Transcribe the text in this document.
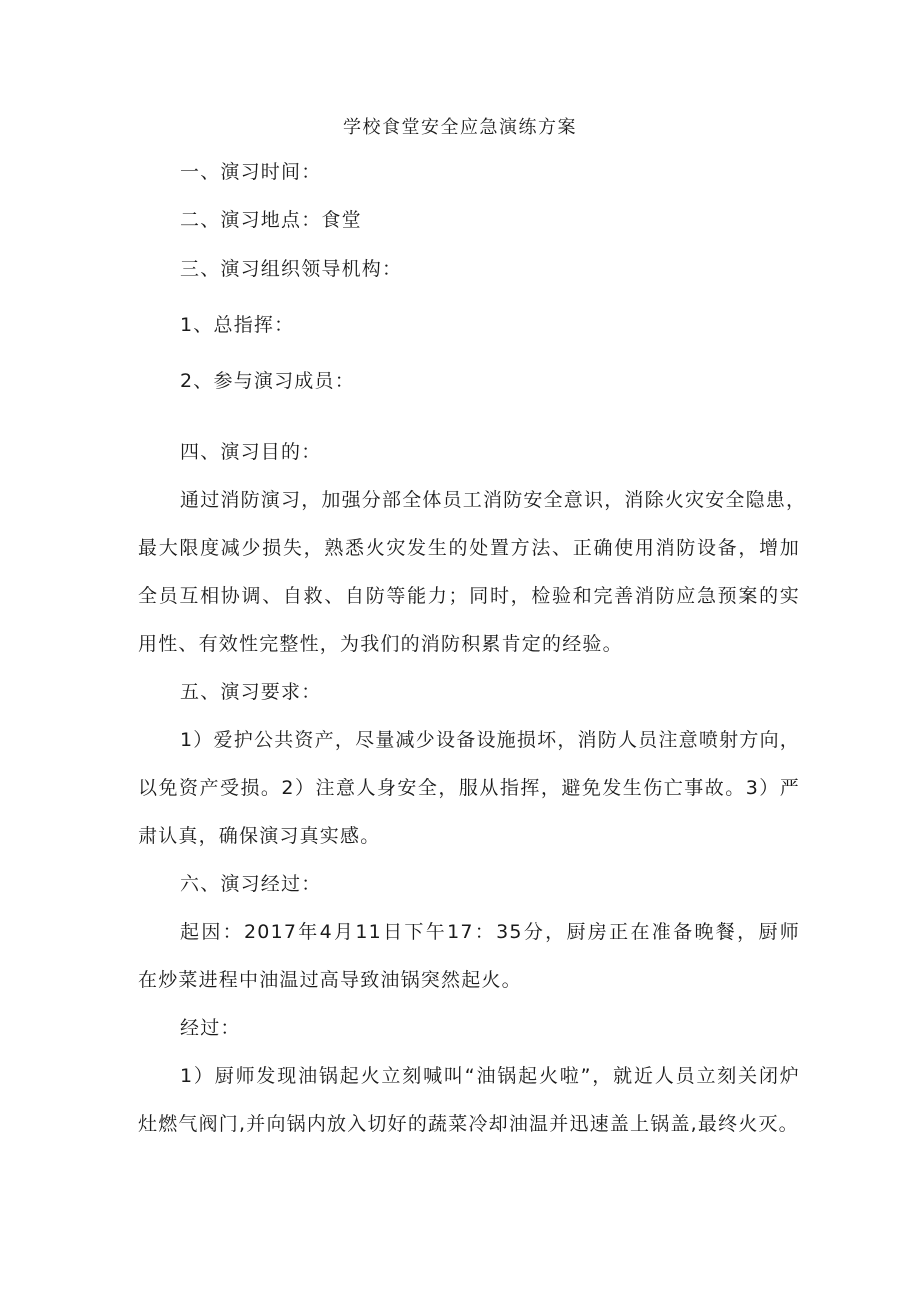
学校食堂安全应急演练方案
一、演习时间：
二、演习地点：食堂
三、演习组织领导机构：
1、总指挥：
2、参与演习成员：
四、演习目的：
通过消防演习，加强分部全体员工消防安全意识，消除火灾安全隐患，
最大限度减少损失，熟悉火灾发生的处置方法、正确使用消防设备，增加
全员互相协调、自救、自防等能力；同时，检验和完善消防应急预案的实
用性、有效性完整性，为我们的消防积累肯定的经验。
五、演习要求：
1）爱护公共资产，尽量减少设备设施损坏，消防人员注意喷射方向，
以免资产受损。2）注意人身安全，服从指挥，避免发生伤亡事故。3）严
肃认真，确保演习真实感。
六、演习经过：
起因：2017年4月11日下午17：35分，厨房正在准备晚餐，厨师
在炒菜进程中油温过高导致油锅突然起火。
经过：
1）厨师发现油锅起火立刻喊叫“油锅起火啦”，就近人员立刻关闭炉
灶燃气阀门,并向锅内放入切好的蔬菜冷却油温并迅速盖上锅盖,最终火灭。
